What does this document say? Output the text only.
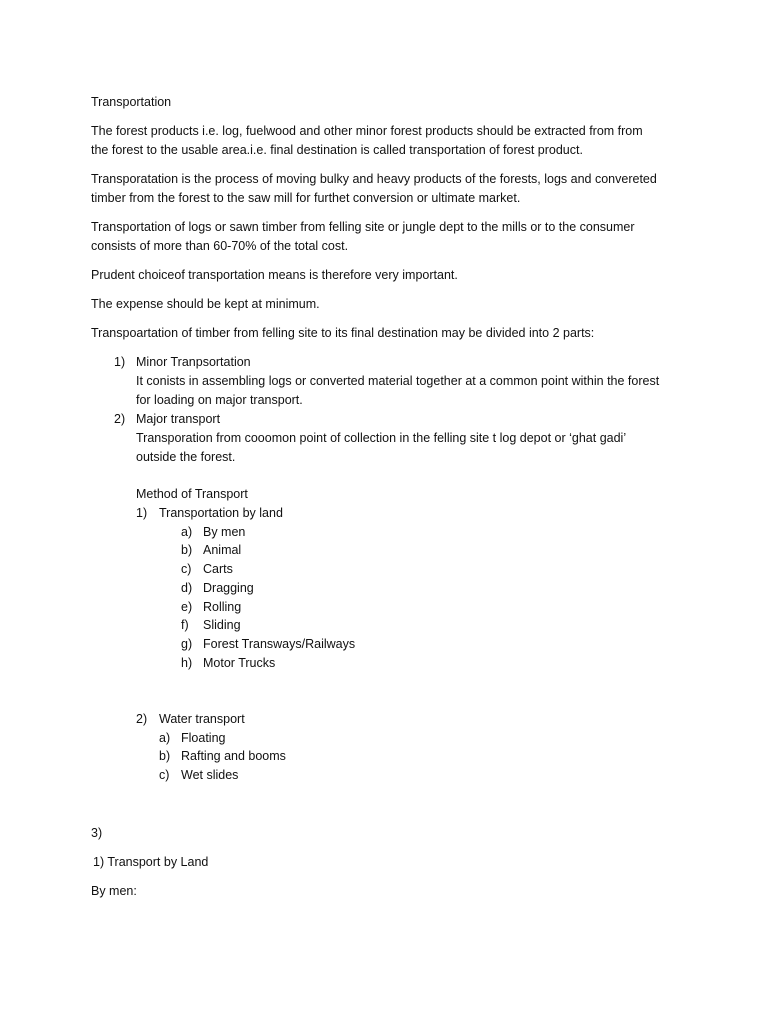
Transportation

The forest products i.e. log, fuelwood and other minor forest products should be extracted from from

the forest to the usable area.i.e. final destination is called transportation of forest product.

Transporatation is the process of moving bulky and heavy products of the forests, logs and convereted

timber from the forest to the saw mill for furthet conversion or ultimate market.

Transportation of logs or sawn timber from felling site or jungle dept to the mills or to the consumer

consists of more than 60-70% of the total cost.

Prudent choiceof transportation means is therefore very important.

The expense should be kept at minimum.

Transpoartation of timber from felling site to its final destination may be divided into 2 parts:

1) Minor Tranpsortation

It conists in assembling logs or converted material together at a common point within the forest

for loading on major transport.

2) Major transport

Transporation from cooomon point of collection in the felling site t log depot or ‘ghat gadi’

outside the forest.

Method of Transport

1) Transportation by land

a) By men

b) Animal

c) Carts

d) Dragging

e) Rolling

f) Sliding

g) Forest Transways/Railways

h) Motor Trucks

2) Water transport

a) Floating

b) Rafting and booms

c) Wet slides

3)

1) Transport by Land

By men:
